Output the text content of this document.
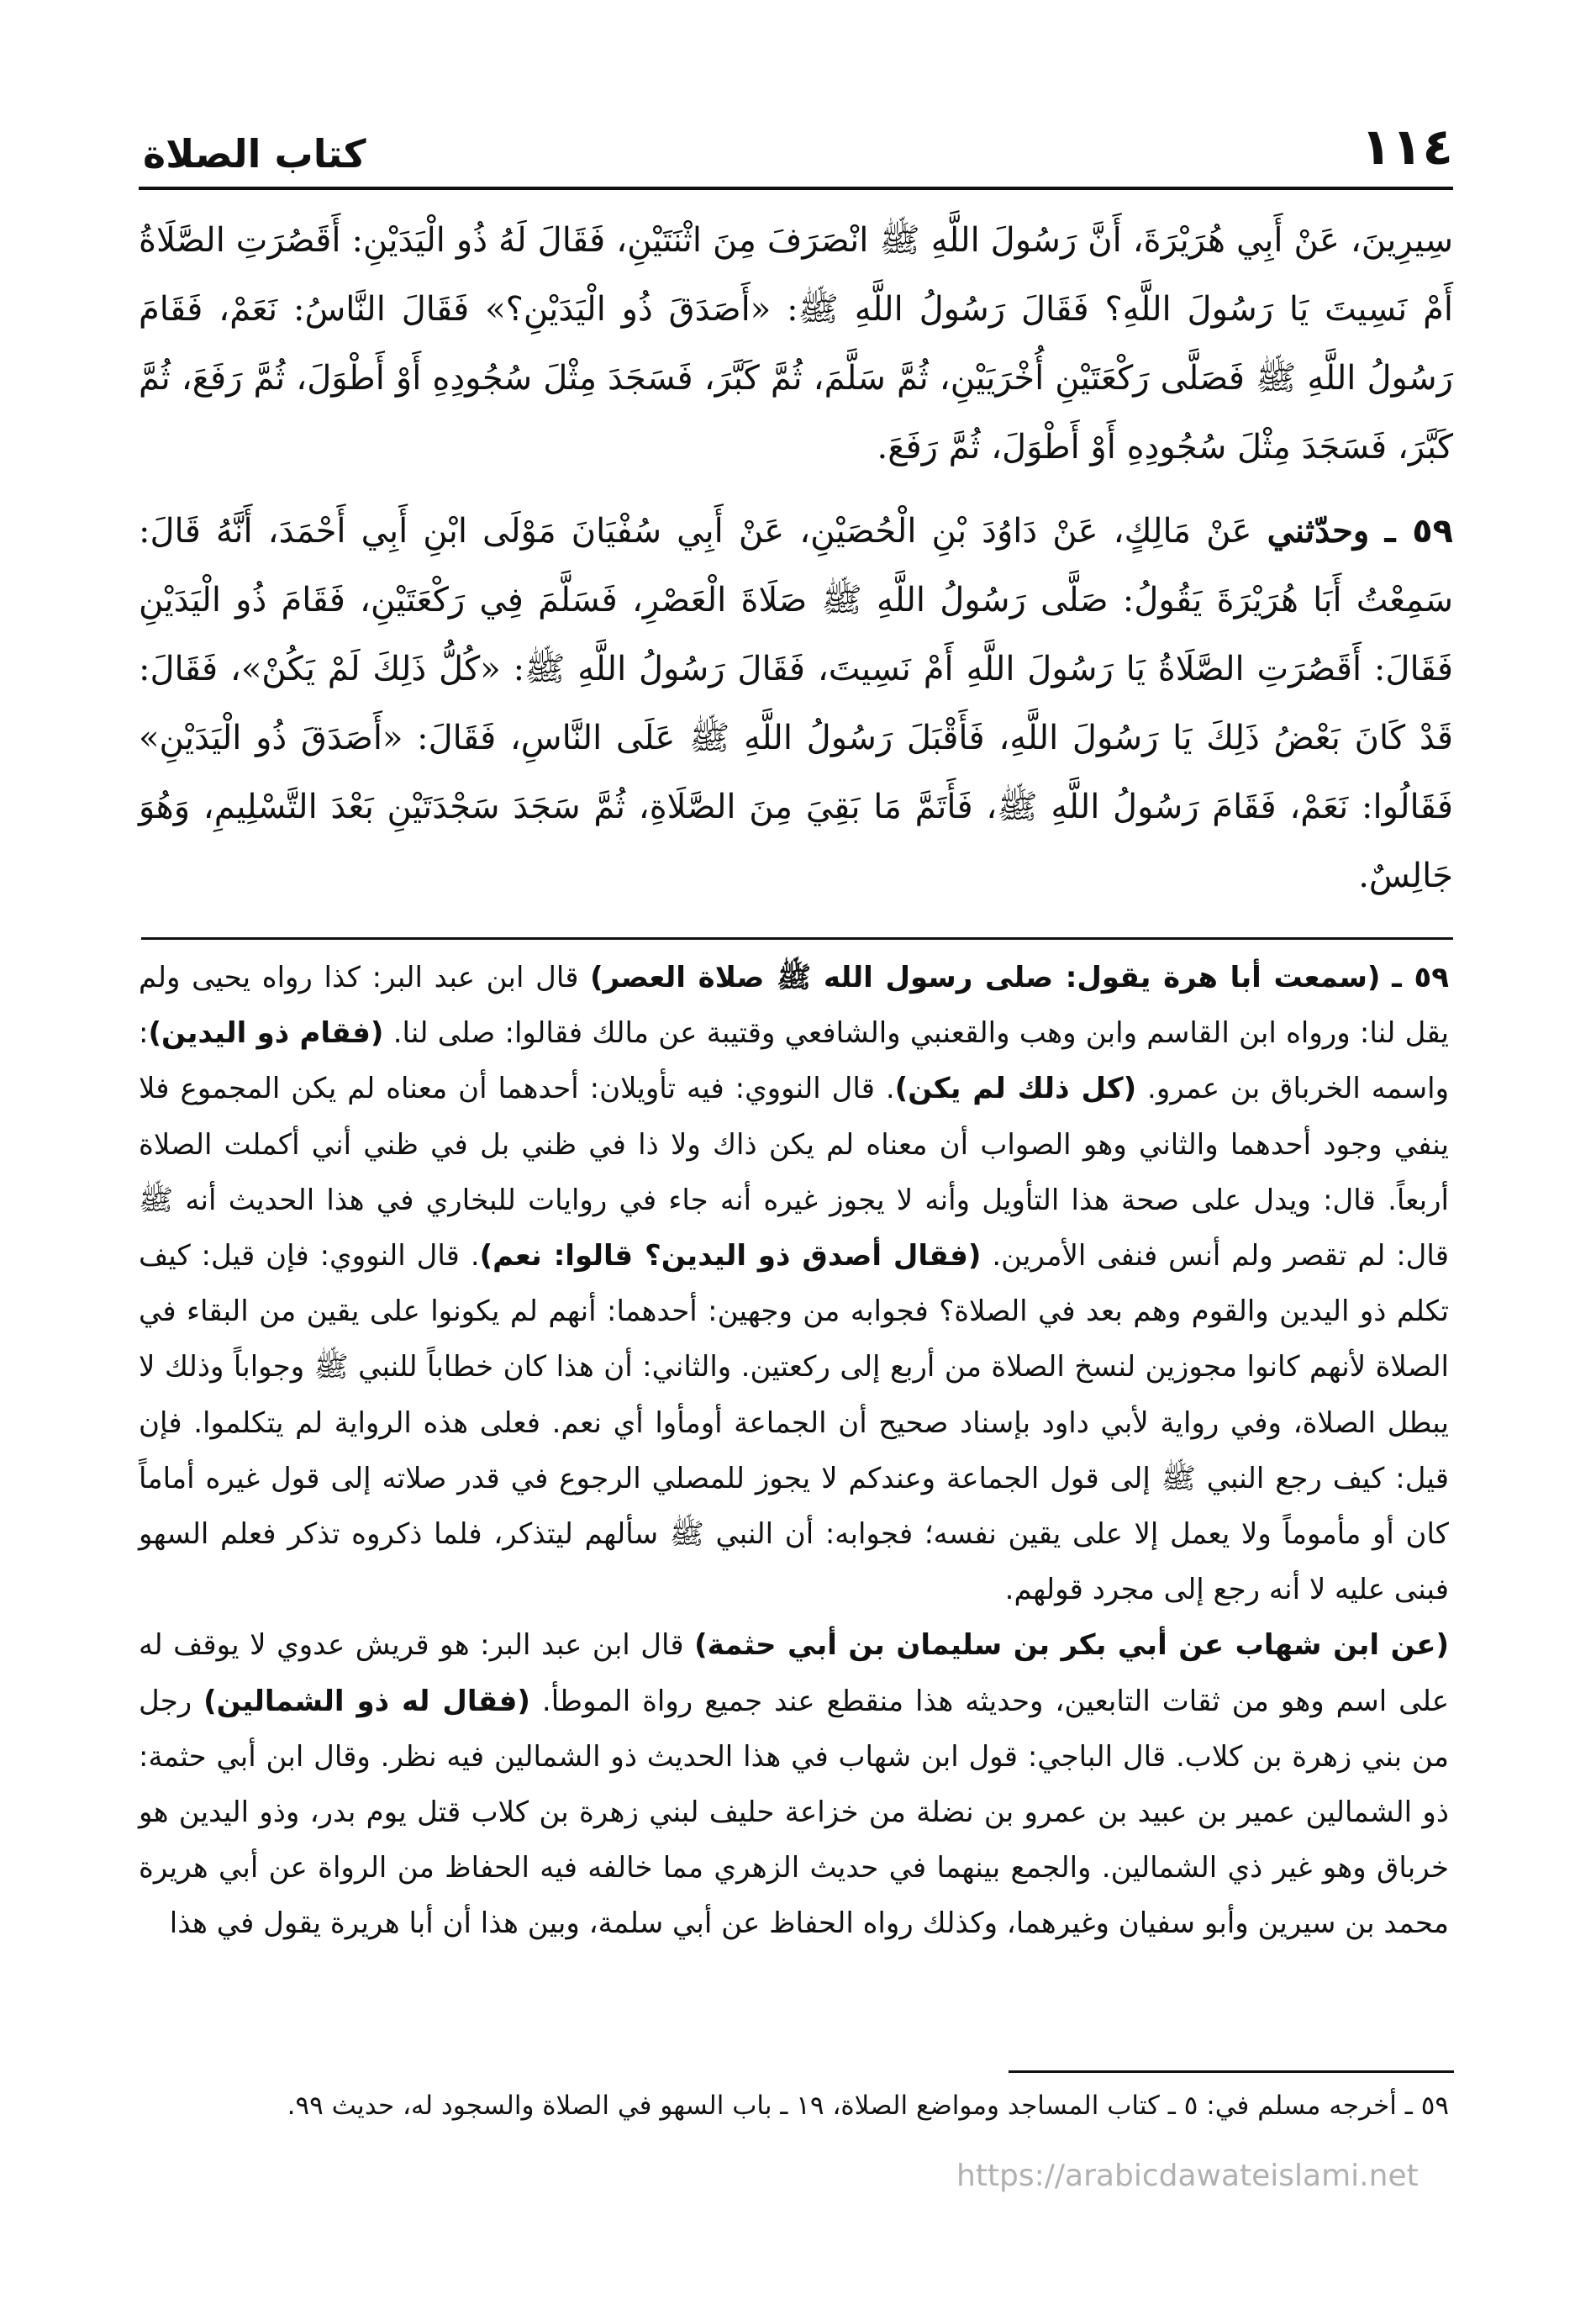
١١٤
كتاب الصلاة

سِيرِينَ، عَنْ أَبِي هُرَيْرَةَ، أَنَّ رَسُولَ اللَّهِ ﷺ انْصَرَفَ مِنَ اثْنَتَيْنِ، فَقَالَ لَهُ ذُو الْيَدَيْنِ: أَقَصُرَتِ الصَّلَاةُ أَمْ نَسِيتَ يَا رَسُولَ اللَّهِ؟ فَقَالَ رَسُولُ اللَّهِ ﷺ: «أَصَدَقَ ذُو الْيَدَيْنِ؟» فَقَالَ النَّاسُ: نَعَمْ، فَقَامَ رَسُولُ اللَّهِ ﷺ فَصَلَّى رَكْعَتَيْنِ أُخْرَيَيْنِ، ثُمَّ سَلَّمَ، ثُمَّ كَبَّرَ، فَسَجَدَ مِثْلَ سُجُودِهِ أَوْ أَطْوَلَ، ثُمَّ رَفَعَ، ثُمَّ كَبَّرَ، فَسَجَدَ مِثْلَ سُجُودِهِ أَوْ أَطْوَلَ، ثُمَّ رَفَعَ.

٥٩ ـ وحدّثني عَنْ مَالِكٍ، عَنْ دَاوُدَ بْنِ الْحُصَيْنِ، عَنْ أَبِي سُفْيَانَ مَوْلَى ابْنِ أَبِي أَحْمَدَ، أَنَّهُ قَالَ: سَمِعْتُ أَبَا هُرَيْرَةَ يَقُولُ: صَلَّى رَسُولُ اللَّهِ ﷺ صَلَاةَ الْعَصْرِ، فَسَلَّمَ فِي رَكْعَتَيْنِ، فَقَامَ ذُو الْيَدَيْنِ فَقَالَ: أَقَصُرَتِ الصَّلَاةُ يَا رَسُولَ اللَّهِ أَمْ نَسِيتَ، فَقَالَ رَسُولُ اللَّهِ ﷺ: «كُلُّ ذَلِكَ لَمْ يَكُنْ»، فَقَالَ: قَدْ كَانَ بَعْضُ ذَلِكَ يَا رَسُولَ اللَّهِ، فَأَقْبَلَ رَسُولُ اللَّهِ ﷺ عَلَى النَّاسِ، فَقَالَ: «أَصَدَقَ ذُو الْيَدَيْنِ» فَقَالُوا: نَعَمْ، فَقَامَ رَسُولُ اللَّهِ ﷺ، فَأَتَمَّ مَا بَقِيَ مِنَ الصَّلَاةِ، ثُمَّ سَجَدَ سَجْدَتَيْنِ بَعْدَ التَّسْلِيمِ، وَهُوَ جَالِسٌ.

٥٩ ـ (سمعت أبا هرة يقول: صلى رسول الله ﷺ صلاة العصر) قال ابن عبد البر: كذا رواه يحيى ولم يقل لنا: ورواه ابن القاسم وابن وهب والقعنبي والشافعي وقتيبة عن مالك فقالوا: صلى لنا. (فقام ذو اليدين): واسمه الخرباق بن عمرو. (كل ذلك لم يكن). قال النووي: فيه تأويلان: أحدهما أن معناه لم يكن المجموع فلا ينفي وجود أحدهما والثاني وهو الصواب أن معناه لم يكن ذاك ولا ذا في ظني بل في ظني أني أكملت الصلاة أربعاً. قال: ويدل على صحة هذا التأويل وأنه لا يجوز غيره أنه جاء في روايات للبخاري في هذا الحديث أنه ﷺ قال: لم تقصر ولم أنس فنفى الأمرين. (فقال أصدق ذو اليدين؟ قالوا: نعم). قال النووي: فإن قيل: كيف تكلم ذو اليدين والقوم وهم بعد في الصلاة؟ فجوابه من وجهين: أحدهما: أنهم لم يكونوا على يقين من البقاء في الصلاة لأنهم كانوا مجوزين لنسخ الصلاة من أربع إلى ركعتين. والثاني: أن هذا كان خطاباً للنبي ﷺ وجواباً وذلك لا يبطل الصلاة، وفي رواية لأبي داود بإسناد صحيح أن الجماعة أومأوا أي نعم. فعلى هذه الرواية لم يتكلموا. فإن قيل: كيف رجع النبي ﷺ إلى قول الجماعة وعندكم لا يجوز للمصلي الرجوع في قدر صلاته إلى قول غيره أماماً كان أو مأموماً ولا يعمل إلا على يقين نفسه؛ فجوابه: أن النبي ﷺ سألهم ليتذكر، فلما ذكروه تذكر فعلم السهو فبنى عليه لا أنه رجع إلى مجرد قولهم.

(عن ابن شهاب عن أبي بكر بن سليمان بن أبي حثمة) قال ابن عبد البر: هو قريش عدوي لا يوقف له على اسم وهو من ثقات التابعين، وحديثه هذا منقطع عند جميع رواة الموطأ. (فقال له ذو الشمالين) رجل من بني زهرة بن كلاب. قال الباجي: قول ابن شهاب في هذا الحديث ذو الشمالين فيه نظر. وقال ابن أبي حثمة: ذو الشمالين عمير بن عبيد بن عمرو بن نضلة من خزاعة حليف لبني زهرة بن كلاب قتل يوم بدر، وذو اليدين هو خرباق وهو غير ذي الشمالين. والجمع بينهما في حديث الزهري مما خالفه فيه الحفاظ من الرواة عن أبي هريرة محمد بن سيرين وأبو سفيان وغيرهما، وكذلك رواه الحفاظ عن أبي سلمة، وبين هذا أن أبا هريرة يقول في هذا

٥٩ ـ أخرجه مسلم في: ٥ ـ كتاب المساجد ومواضع الصلاة، ١٩ ـ باب السهو في الصلاة والسجود له، حديث ٩٩.
https://arabicdawateislami.net
